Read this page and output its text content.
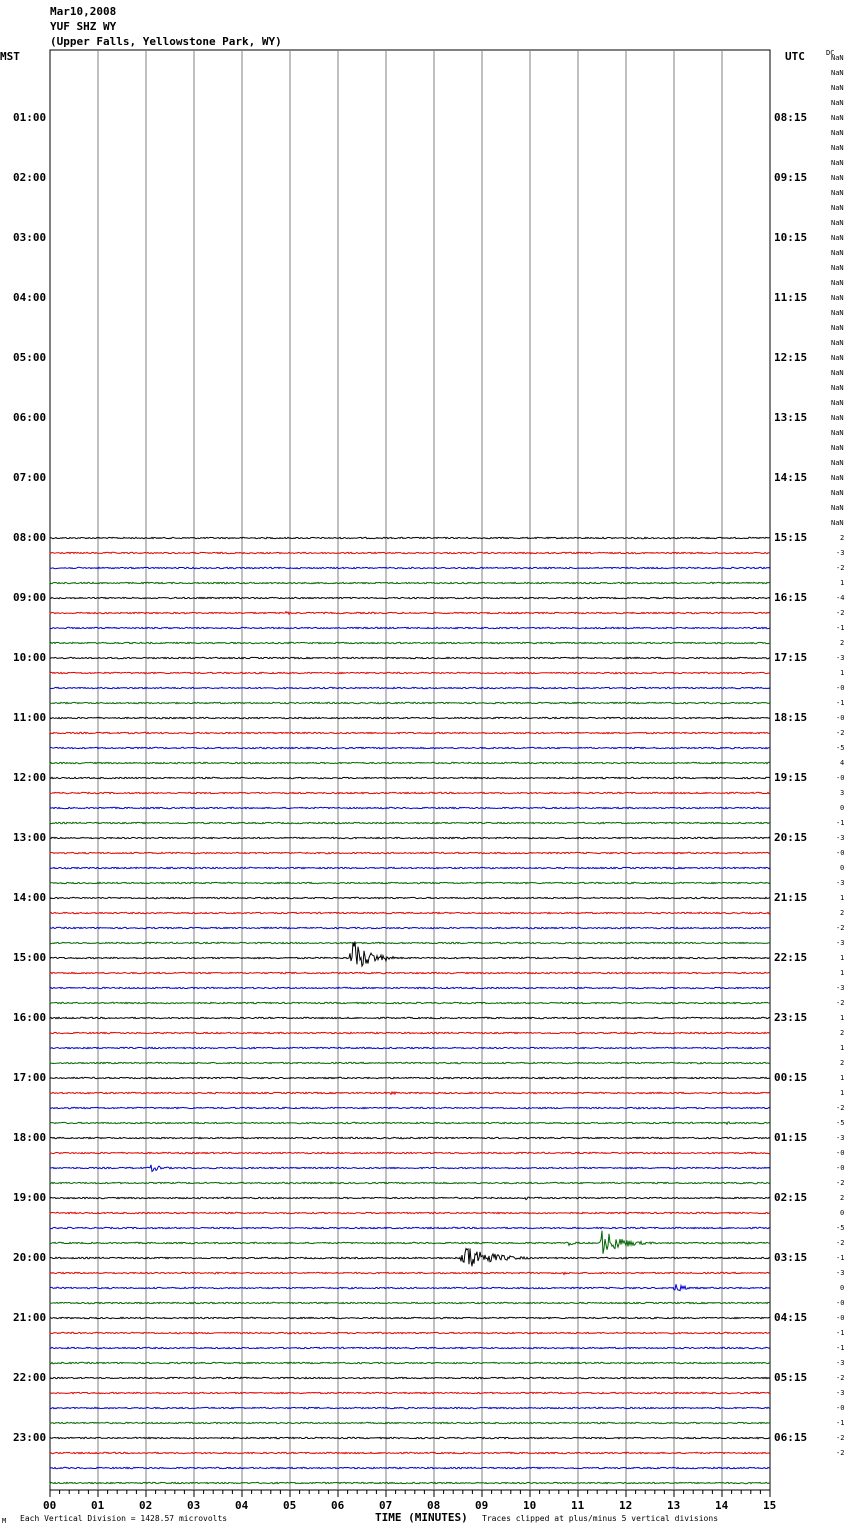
Mar10,2008
YUF SHZ WY
(Upper Falls, Yellowstone Park, WY)
MST	UTC	DC
00	01	02	03	04	05	06	07	08	09	10	11	12	13	14	15
01:00
02:00
03:00
04:00
05:00
06:00
07:00
08:00
09:00
10:00
11:00
12:00
13:00
14:00
15:00
16:00
17:00
18:00
19:00
20:00
21:00
22:00
23:00
08:15
09:15
10:15
11:15
12:15
13:15
14:15
15:15
16:15
17:15
18:15
19:15
20:15
21:15
22:15
23:15
00:15
01:15
02:15
03:15
04:15
05:15
06:15
NaN
NaN
NaN
NaN
NaN
NaN
NaN
NaN
NaN
NaN
NaN
NaN
NaN
NaN
NaN
NaN
NaN
NaN
NaN
NaN
NaN
NaN
NaN
NaN
NaN
NaN
NaN
NaN
NaN
NaN
NaN
NaN
2
-3
-2
1
-4
-2
-1
2
-3
1
-0
-1
-0
-2
-5
4
-0
3
0
-1
-3
-0
0
-3
1
2
-2
-3
1
1
-3
-2
1
2
1
2
1
1
-2
-5
-3
-0
-0
-2
2
0
-5
-2
-1
-3
0
-0
-0
-1
-1
-3
-2
-3
-0
-1
-2
-2
M Each Vertical Division = 1428.57 microvolts	TIME (MINUTES) Traces clipped at plus/minus 5 vertical divisions
